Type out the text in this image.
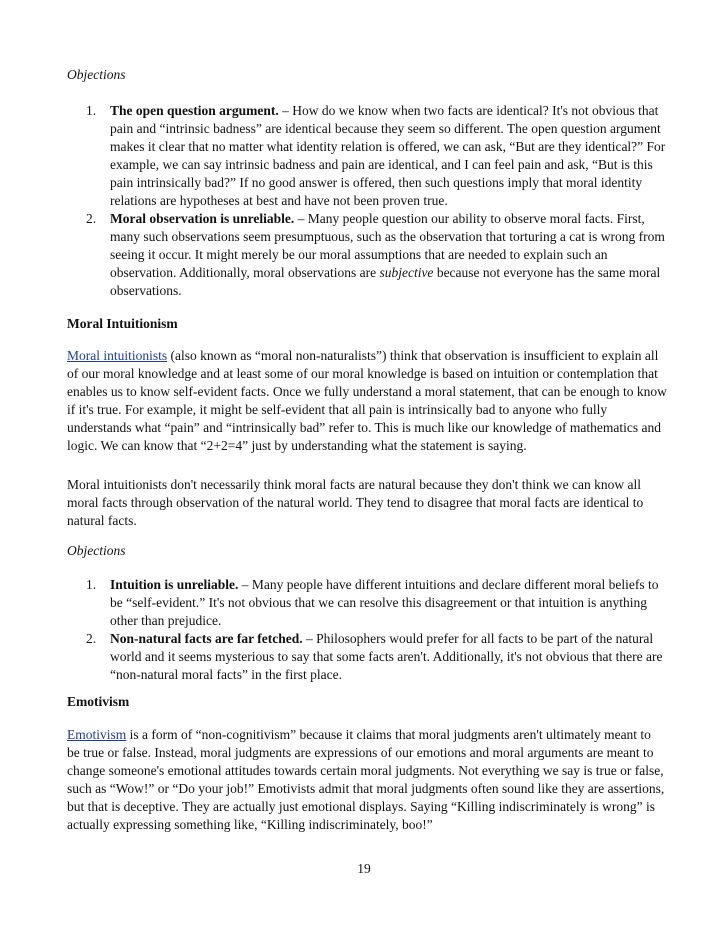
Objections
1. The open question argument. – How do we know when two facts are identical? It's not obvious that pain and “intrinsic badness” are identical because they seem so different. The open question argument makes it clear that no matter what identity relation is offered, we can ask, “But are they identical?” For example, we can say intrinsic badness and pain are identical, and I can feel pain and ask, “But is this pain intrinsically bad?” If no good answer is offered, then such questions imply that moral identity relations are hypotheses at best and have not been proven true.
2. Moral observation is unreliable. – Many people question our ability to observe moral facts. First, many such observations seem presumptuous, such as the observation that torturing a cat is wrong from seeing it occur. It might merely be our moral assumptions that are needed to explain such an observation. Additionally, moral observations are subjective because not everyone has the same moral observations.
Moral Intuitionism

Moral intuitionists (also known as “moral non-naturalists”) think that observation is insufficient to explain all of our moral knowledge and at least some of our moral knowledge is based on intuition or contemplation that enables us to know self-evident facts. Once we fully understand a moral statement, that can be enough to know if it's true. For example, it might be self-evident that all pain is intrinsically bad to anyone who fully understands what “pain” and “intrinsically bad” refer to. This is much like our knowledge of mathematics and logic. We can know that “2+2=4” just by understanding what the statement is saying.

Moral intuitionists don't necessarily think moral facts are natural because they don't think we can know all moral facts through observation of the natural world. They tend to disagree that moral facts are identical to natural facts.

Objections
1. Intuition is unreliable. – Many people have different intuitions and declare different moral beliefs to be “self-evident.” It's not obvious that we can resolve this disagreement or that intuition is anything other than prejudice.
2. Non-natural facts are far fetched. – Philosophers would prefer for all facts to be part of the natural world and it seems mysterious to say that some facts aren't. Additionally, it's not obvious that there are “non-natural moral facts” in the first place.
Emotivism

Emotivism is a form of “non-cognitivism” because it claims that moral judgments aren't ultimately meant to be true or false. Instead, moral judgments are expressions of our emotions and moral arguments are meant to change someone's emotional attitudes towards certain moral judgments. Not everything we say is true or false, such as “Wow!” or “Do your job!” Emotivists admit that moral judgments often sound like they are assertions, but that is deceptive. They are actually just emotional displays. Saying “Killing indiscriminately is wrong” is actually expressing something like, “Killing indiscriminately, boo!”

19
